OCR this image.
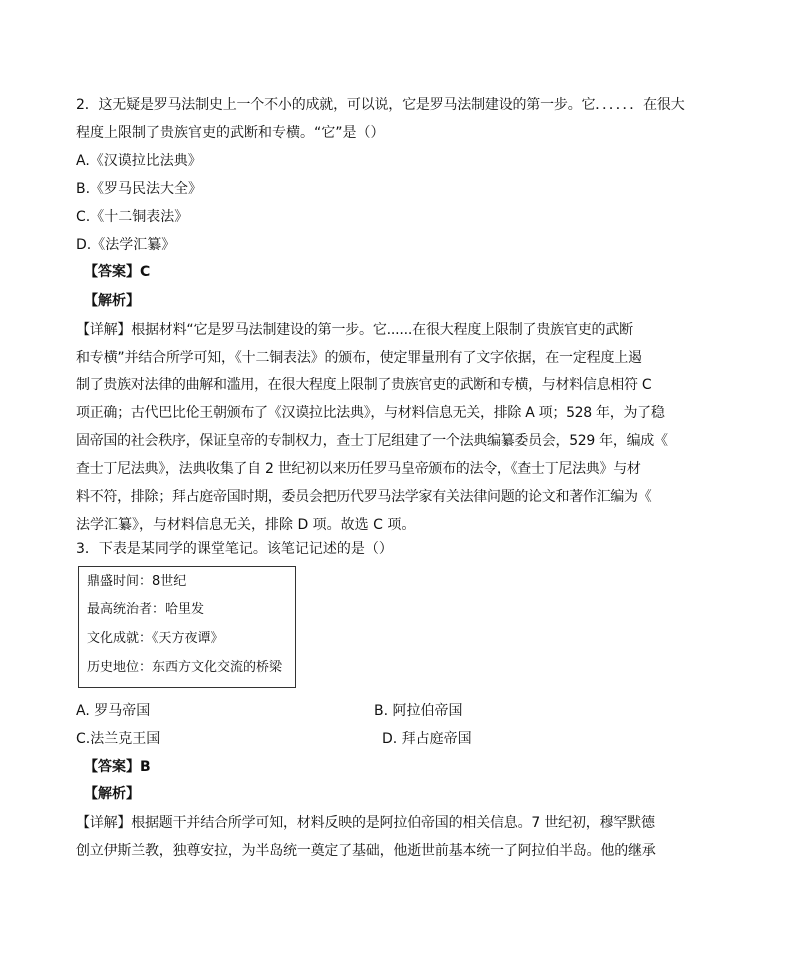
2．这无疑是罗马法制史上一个不小的成就，可以说，它是罗马法制建设的第一步。它．．．．．．在很大
程度上限制了贵族官吏的武断和专横。“它”是（）
A.《汉谟拉比法典》
B.《罗马民法大全》
C.《十二铜表法》
D.《法学汇纂》
【答案】C
【解析】
【详解】根据材料“它是罗马法制建设的第一步。它......在很大程度上限制了贵族官吏的武断
和专横”并结合所学可知，《十二铜表法》的颁布，使定罪量刑有了文字依据，在一定程度上遏
制了贵族对法律的曲解和滥用，在很大程度上限制了贵族官吏的武断和专横，与材料信息相符 C
项正确；古代巴比伦王朝颁布了《汉谟拉比法典》，与材料信息无关，排除 A 项；528 年，为了稳
固帝国的社会秩序，保证皇帝的专制权力，查士丁尼组建了一个法典编纂委员会，529 年，编成《
查士丁尼法典》，法典收集了自 2 世纪初以来历任罗马皇帝颁布的法令，《查士丁尼法典》与材
料不符，排除；拜占庭帝国时期，委员会把历代罗马法学家有关法律问题的论文和著作汇编为《
法学汇纂》，与材料信息无关，排除 D 项。故选 C 项。
3．下表是某同学的课堂笔记。该笔记记述的是（）
鼎盛时间：8世纪
最高统治者：哈里发
文化成就：《天方夜谭》
历史地位：东西方文化交流的桥梁
A. 罗马帝国	B. 阿拉伯帝国
C.法兰克王国	D. 拜占庭帝国
【答案】B
【解析】
【详解】根据题干并结合所学可知，材料反映的是阿拉伯帝国的相关信息。7 世纪初，穆罕默德
创立伊斯兰教，独尊安拉，为半岛统一奠定了基础，他逝世前基本统一了阿拉伯半岛。他的继承
